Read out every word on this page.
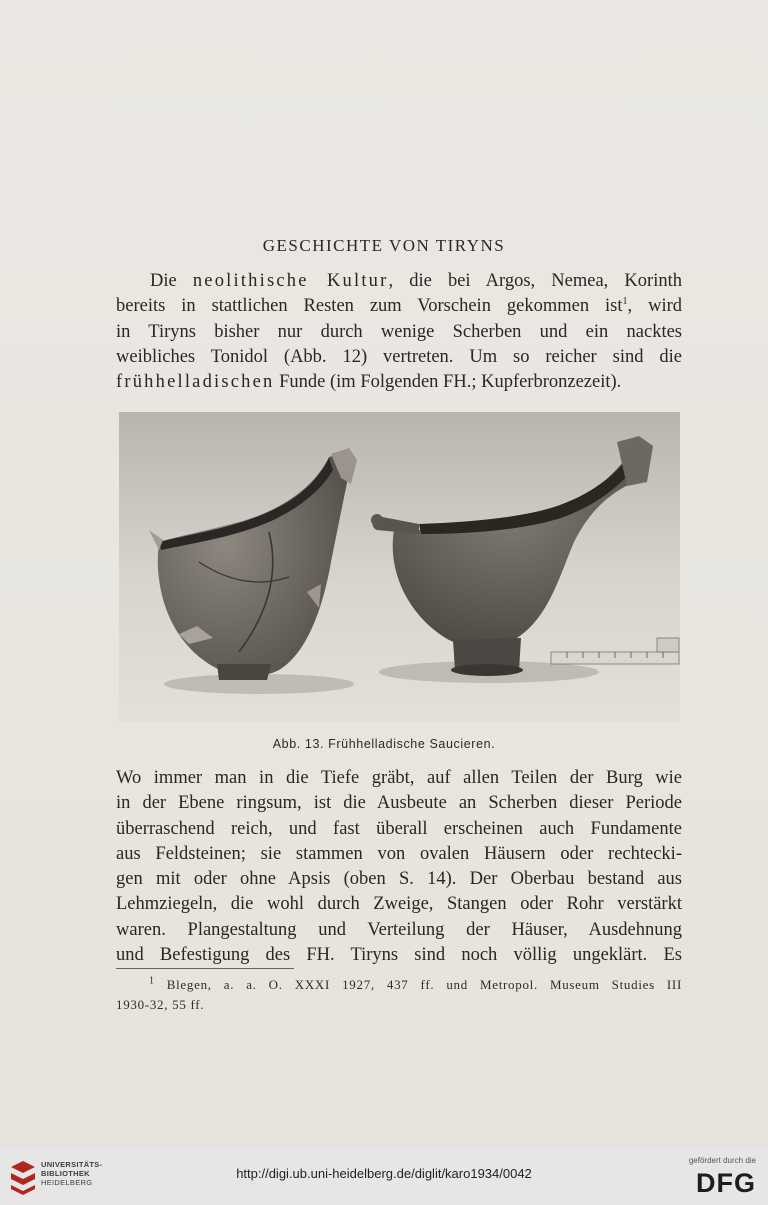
GESCHICHTE VON TIRYNS
Die neolithische Kultur, die bei Argos, Nemea, Korinth
bereits in stattlichen Resten zum Vorschein gekommen ist$^1$, wird
in Tiryns bisher nur durch wenige Scherben und ein nacktes
weibliches Tonidol (Abb. 12) vertreten. Um so reicher sind die
frühhelladischen Funde (im Folgenden FH.; Kupferbronzezeit).
Abb. 13. Frühhelladische Saucieren.
Wo immer man in die Tiefe gräbt, auf allen Teilen der Burg wie
in der Ebene ringsum, ist die Ausbeute an Scherben dieser Periode
überraschend reich, und fast überall erscheinen auch Fundamente
aus Feldsteinen; sie stammen von ovalen Häusern oder rechtecki-
gen mit oder ohne Apsis (oben S. 14). Der Oberbau bestand aus
Lehmziegeln, die wohl durch Zweige, Stangen oder Rohr verstärkt
waren. Plangestaltung und Verteilung der Häuser, Ausdehnung
und Befestigung des FH. Tiryns sind noch völlig ungeklärt. Es
$^1$ Blegen, a. a. O. XXXI 1927, 437 ff. und Metropol. Museum Studies III
1930-32, 55 ff.
UNIVERSITÄTS-
BIBLIOTHEK
HEIDELBERG
http://digi.ub.uni-heidelberg.de/diglit/karo1934/0042
gefördert durch die
DFG
